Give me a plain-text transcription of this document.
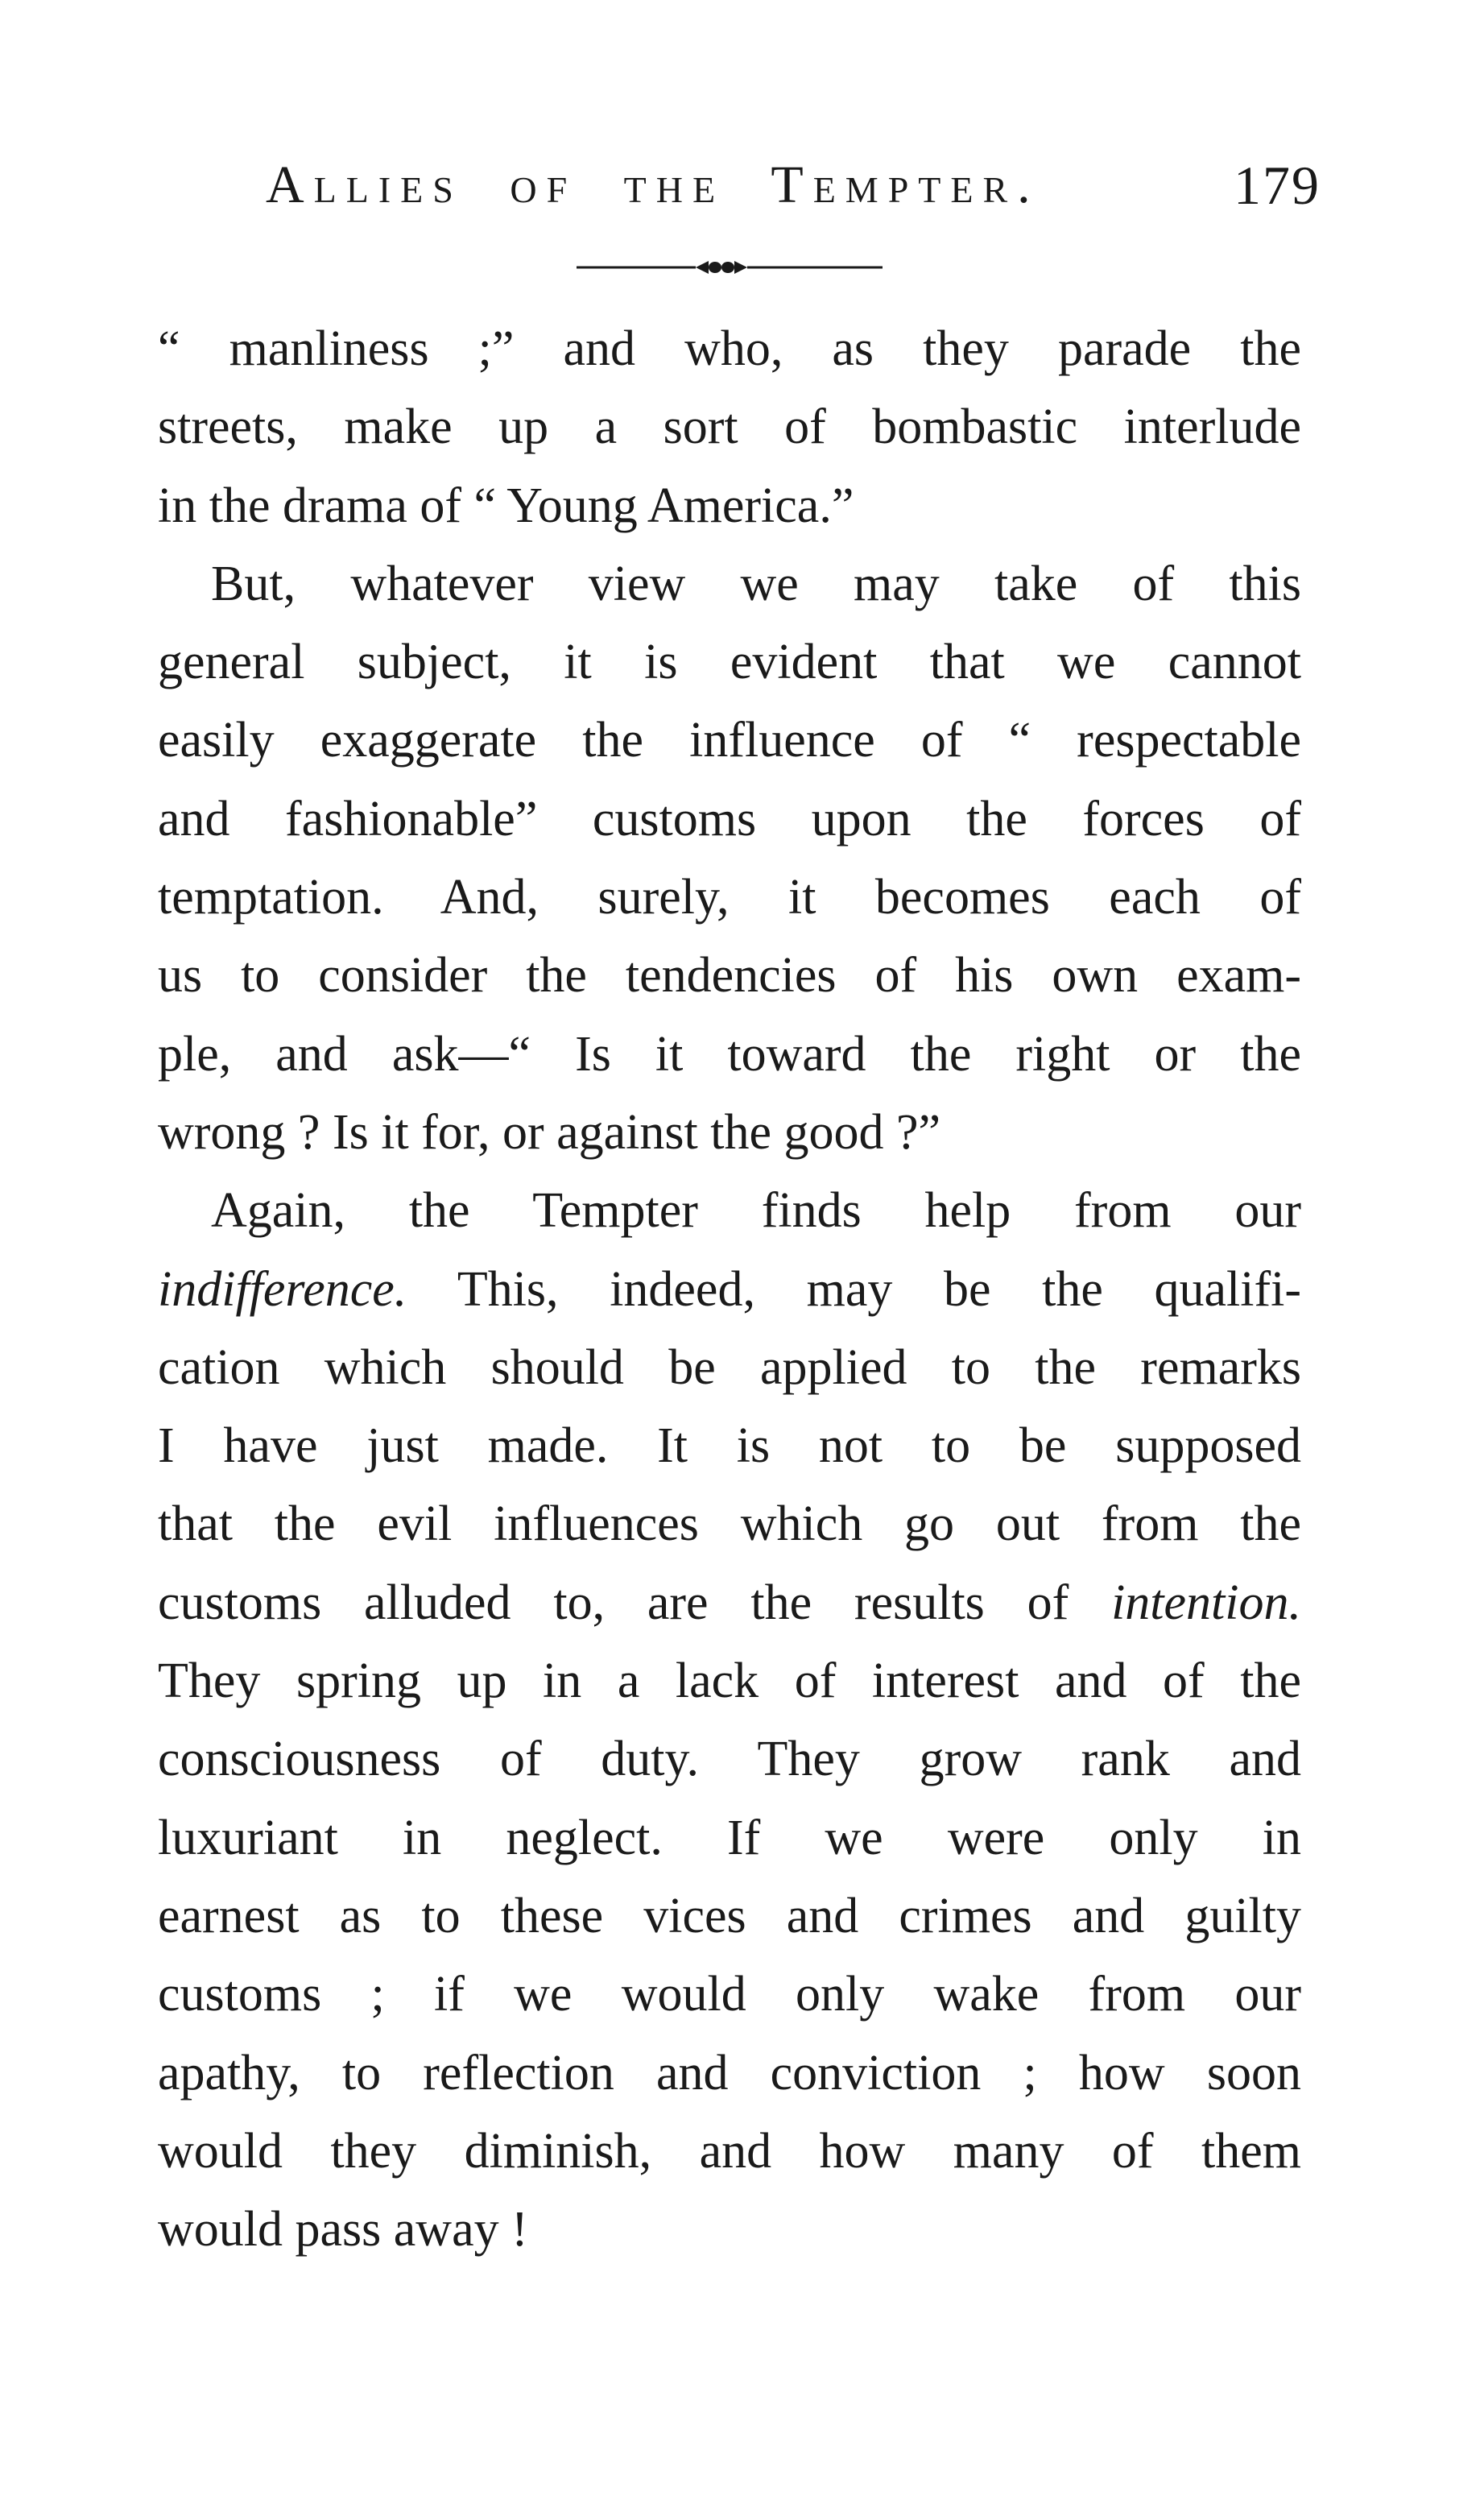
Allies of the Tempter.	179
“ manliness ;” and who, as they parade the
streets, make up a sort of bombastic interlude
in the drama of “ Young America.”
But, whatever view we may take of this
general subject, it is evident that we cannot
easily exaggerate the influence of “ respectable
and fashionable” customs upon the forces of
temptation. And, surely, it becomes each of
us to consider the tendencies of his own exam-
ple, and ask—“ Is it toward the right or the
wrong ? Is it for, or against the good ?”
Again, the Tempter finds help from our
indifference. This, indeed, may be the qualifi-
cation which should be applied to the remarks
I have just made. It is not to be supposed
that the evil influences which go out from the
customs alluded to, are the results of intention.
They spring up in a lack of interest and of the
consciousness of duty. They grow rank and
luxuriant in neglect. If we were only in
earnest as to these vices and crimes and guilty
customs ; if we would only wake from our
apathy, to reflection and conviction ; how soon
would they diminish, and how many of them
would pass away !
